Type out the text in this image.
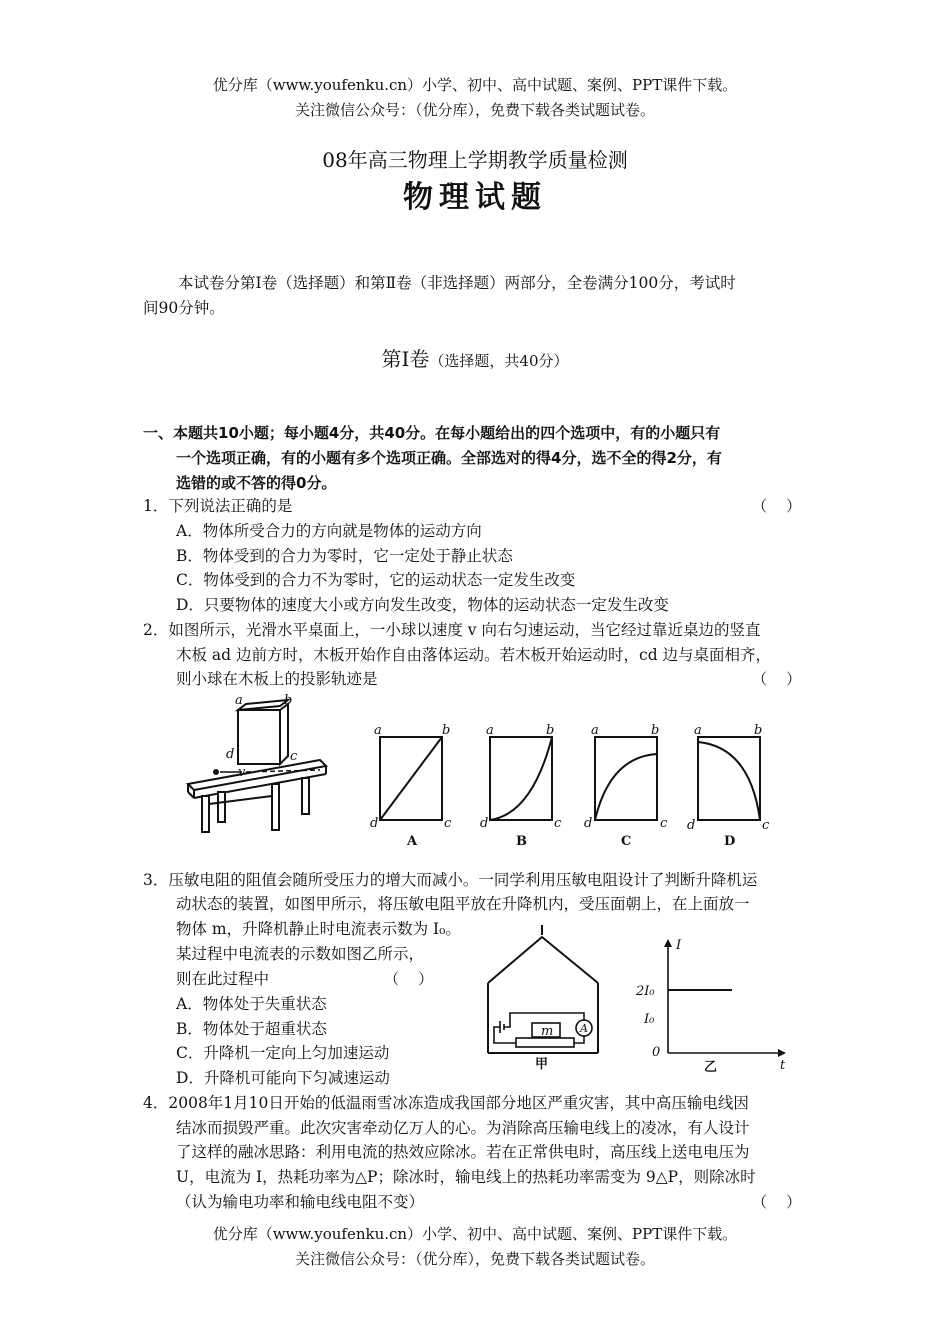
优分库（www.youfenku.cn）小学、初中、高中试题、案例、PPT课件下载。
关注微信公众号：（优分库），免费下载各类试题试卷。
08年高三物理上学期教学质量检测
物理试题
本试卷分第Ⅰ卷（选择题）和第Ⅱ卷（非选择题）两部分，全卷满分100分，考试时
间90分钟。
第Ⅰ卷（选择题，共40分）
一、本题共10小题；每小题4分，共40分。在每小题给出的四个选项中，有的小题只有
一个选项正确，有的小题有多个选项正确。全部选对的得4分，选不全的得2分，有
选错的或不答的得0分。
1．下列说法正确的是	（    ）
A．物体所受合力的方向就是物体的运动方向
B．物体受到的合力为零时，它一定处于静止状态
C．物体受到的合力不为零时，它的运动状态一定发生改变
D．只要物体的速度大小或方向发生改变，物体的运动状态一定发生改变
2．如图所示，光滑水平桌面上，一小球以速度 v 向右匀速运动，当它经过靠近桌边的竖直
木板 ad 边前方时，木板开始作自由落体运动。若木板开始运动时，cd 边与桌面相齐，
则小球在木板上的投影轨迹是	（    ）
a	b
d	c
v
a	b
d	c
A
a	b
d	c
B
a	b
d	c
C
a	b
d	c
D
3．压敏电阻的阻值会随所受压力的增大而减小。一同学利用压敏电阻设计了判断升降机运
动状态的装置，如图甲所示，将压敏电阻平放在升降机内，受压面朝上，在上面放一
物体 m，升降机静止时电流表示数为 I₀。
某过程中电流表的示数如图乙所示，
则在此过程中	（    ）
A．物体处于失重状态
B．物体处于超重状态
C．升降机一定向上匀加速运动
D．升降机可能向下匀减速运动
m A
甲
I
t
0
2I₀
I₀
乙
4．2008年1月10日开始的低温雨雪冰冻造成我国部分地区严重灾害，其中高压输电线因
结冰而损毁严重。此次灾害牵动亿万人的心。为消除高压输电线上的凌冰，有人设计
了这样的融冰思路：利用电流的热效应除冰。若在正常供电时，高压线上送电电压为
U，电流为 I，热耗功率为△P；除冰时，输电线上的热耗功率需变为 9△P，则除冰时
（认为输电功率和输电线电阻不变）	（    ）
优分库（www.youfenku.cn）小学、初中、高中试题、案例、PPT课件下载。
关注微信公众号：（优分库），免费下载各类试题试卷。
